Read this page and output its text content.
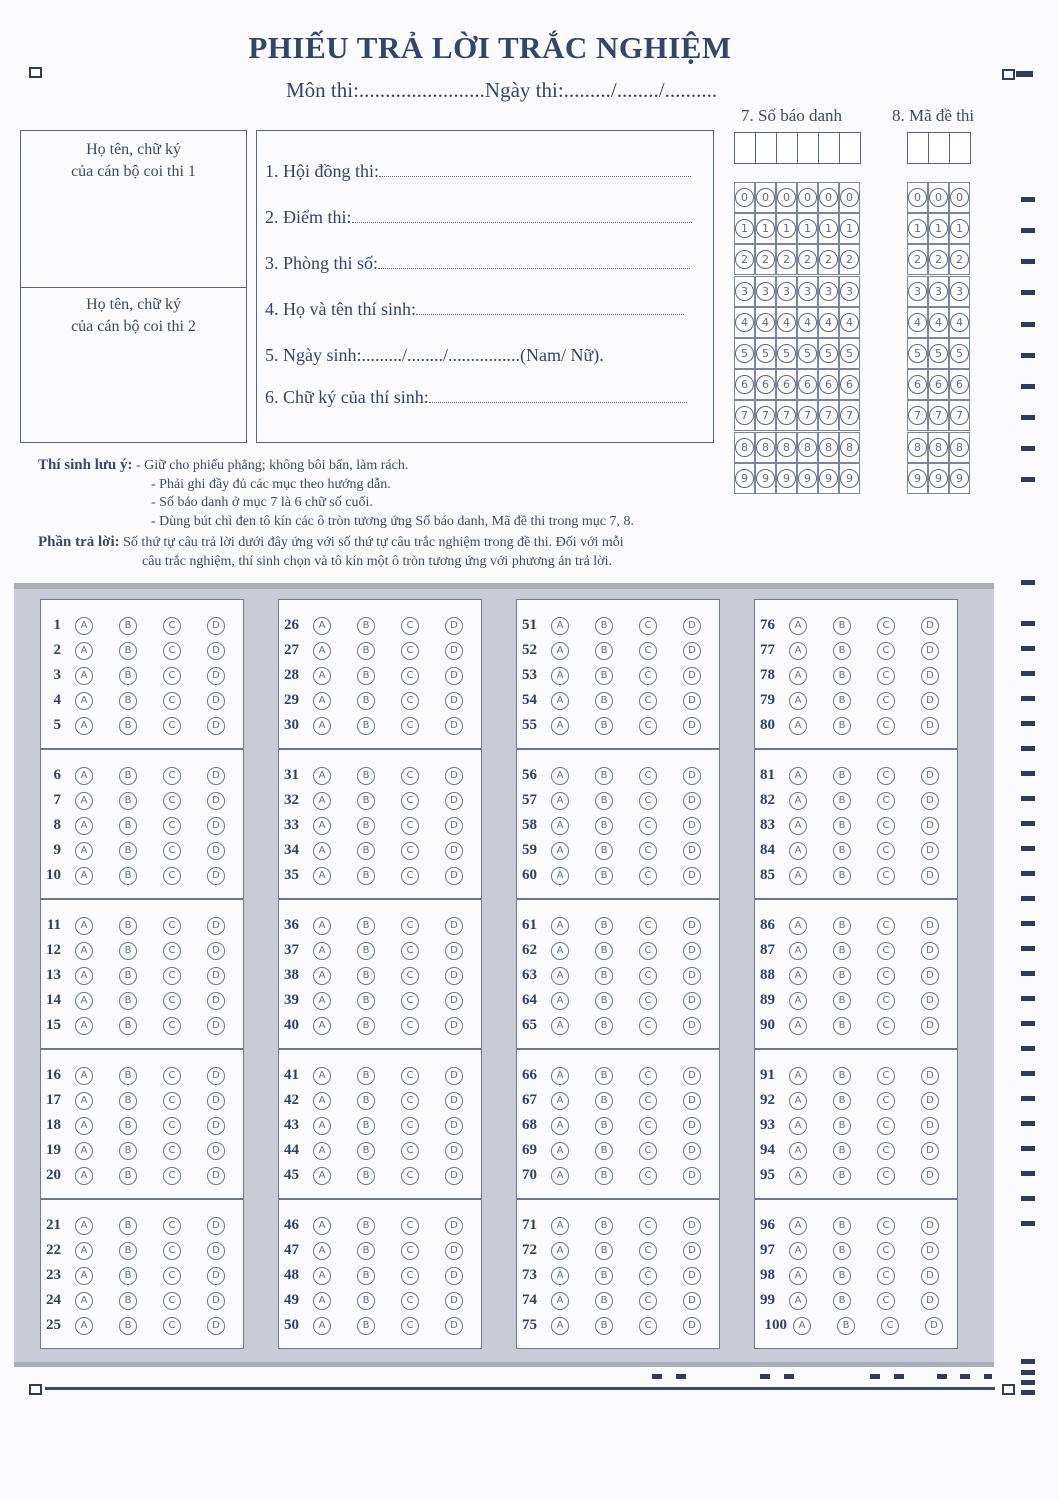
PHIẾU TRẢ LỜI TRẮC NGHIỆM
Môn thi:........................Ngày thi:........./......../..........
Họ tên, chữ ký
của cán bộ coi thi 1
Họ tên, chữ ký
của cán bộ coi thi 2
1. Hội đồng thi:
2. Điểm thi:
3. Phòng thi số:
4. Họ và tên thí sinh:
5. Ngày sinh:........./......../................(Nam/ Nữ).
6. Chữ ký của thí sinh:
7. Số báo danh	8. Mã đề thi
0	0	0	0	0	0
1	1	1	1	1	1
2	2	2	2	2	2
3	3	3	3	3	3
4	4	4	4	4	4
5	5	5	5	5	5
6	6	6	6	6	6
7	7	7	7	7	7
8	8	8	8	8	8
9	9	9	9	9	9
0	0	0
1	1	1
2	2	2
3	3	3
4	4	4
5	5	5
6	6	6
7	7	7
8	8	8
9	9	9
Thí sinh lưu ý: - Giữ cho phiếu phẳng; không bôi bẩn, làm rách.
- Phải ghi đầy đủ các mục theo hướng dẫn.
- Số báo danh ở mục 7 là 6 chữ số cuối.
- Dùng bút chì đen tô kín các ô tròn tương ứng Số báo danh, Mã đề thi trong mục 7, 8.
Phần trả lời: Số thứ tự câu trả lời dưới đây ứng với số thứ tự câu trắc nghiệm trong đề thi. Đối với mỗi
câu trắc nghiệm, thí sinh chọn và tô kín một ô tròn tương ứng với phương án trả lời.
1	A	B	C	D
2	A	B	C	D
3	A	B	C	D
4	A	B	C	D
5	A	B	C	D
6	A	B	C	D
7	A	B	C	D
8	A	B	C	D
9	A	B	C	D
10	A	B	C	D
11	A	B	C	D
12	A	B	C	D
13	A	B	C	D
14	A	B	C	D
15	A	B	C	D
16	A	B	C	D
17	A	B	C	D
18	A	B	C	D
19	A	B	C	D
20	A	B	C	D
21	A	B	C	D
22	A	B	C	D
23	A	B	C	D
24	A	B	C	D
25	A	B	C	D
26	A	B	C	D
27	A	B	C	D
28	A	B	C	D
29	A	B	C	D
30	A	B	C	D
31	A	B	C	D
32	A	B	C	D
33	A	B	C	D
34	A	B	C	D
35	A	B	C	D
36	A	B	C	D
37	A	B	C	D
38	A	B	C	D
39	A	B	C	D
40	A	B	C	D
41	A	B	C	D
42	A	B	C	D
43	A	B	C	D
44	A	B	C	D
45	A	B	C	D
46	A	B	C	D
47	A	B	C	D
48	A	B	C	D
49	A	B	C	D
50	A	B	C	D
51	A	B	C	D
52	A	B	C	D
53	A	B	C	D
54	A	B	C	D
55	A	B	C	D
56	A	B	C	D
57	A	B	C	D
58	A	B	C	D
59	A	B	C	D
60	A	B	C	D
61	A	B	C	D
62	A	B	C	D
63	A	B	C	D
64	A	B	C	D
65	A	B	C	D
66	A	B	C	D
67	A	B	C	D
68	A	B	C	D
69	A	B	C	D
70	A	B	C	D
71	A	B	C	D
72	A	B	C	D
73	A	B	C	D
74	A	B	C	D
75	A	B	C	D
76	A	B	C	D
77	A	B	C	D
78	A	B	C	D
79	A	B	C	D
80	A	B	C	D
81	A	B	C	D
82	A	B	C	D
83	A	B	C	D
84	A	B	C	D
85	A	B	C	D
86	A	B	C	D
87	A	B	C	D
88	A	B	C	D
89	A	B	C	D
90	A	B	C	D
91	A	B	C	D
92	A	B	C	D
93	A	B	C	D
94	A	B	C	D
95	A	B	C	D
96	A	B	C	D
97	A	B	C	D
98	A	B	C	D
99	A	B	C	D
100	A	B	C	D
